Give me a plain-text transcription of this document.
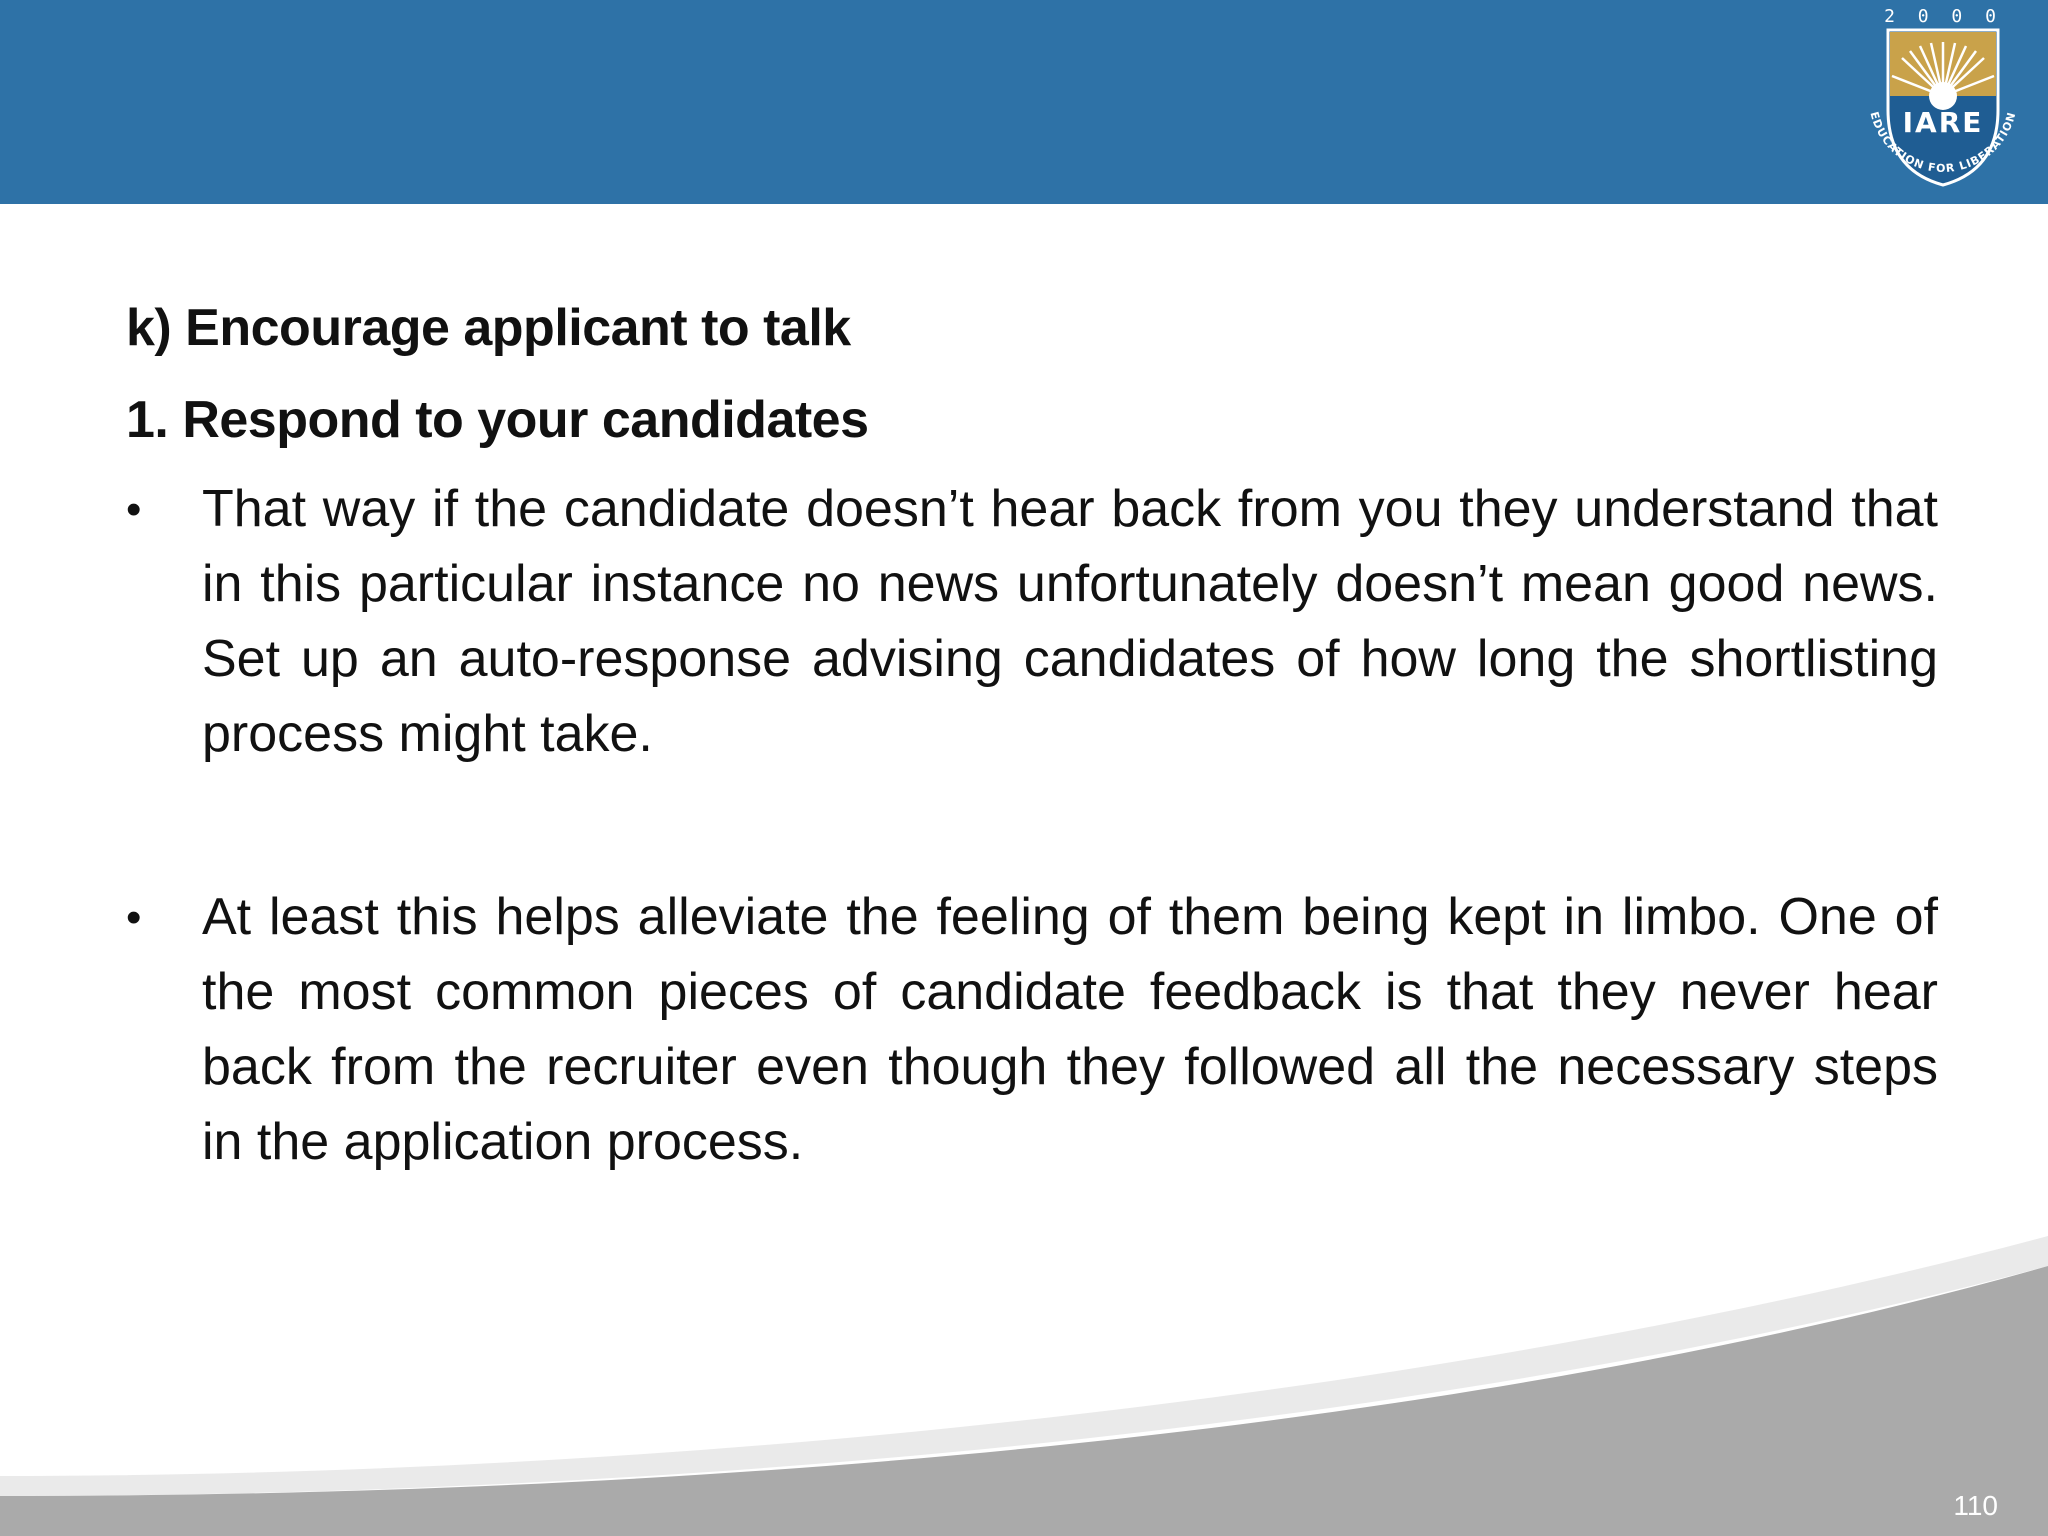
2 0 0 0
IARE
EDUCATION FOR LIBERATION
k) Encourage applicant to talk
1. Respond to your candidates
• That way if the candidate doesn’t hear back from you they understand that in this particular instance no news unfortunately doesn’t mean good news. Set up an auto-response advising candidates of how long the shortlisting process might take.
• At least this helps alleviate the feeling of them being kept in limbo. One of the most common pieces of candidate feedback is that they never hear back from the recruiter even though they followed all the necessary steps in the application process.
110
